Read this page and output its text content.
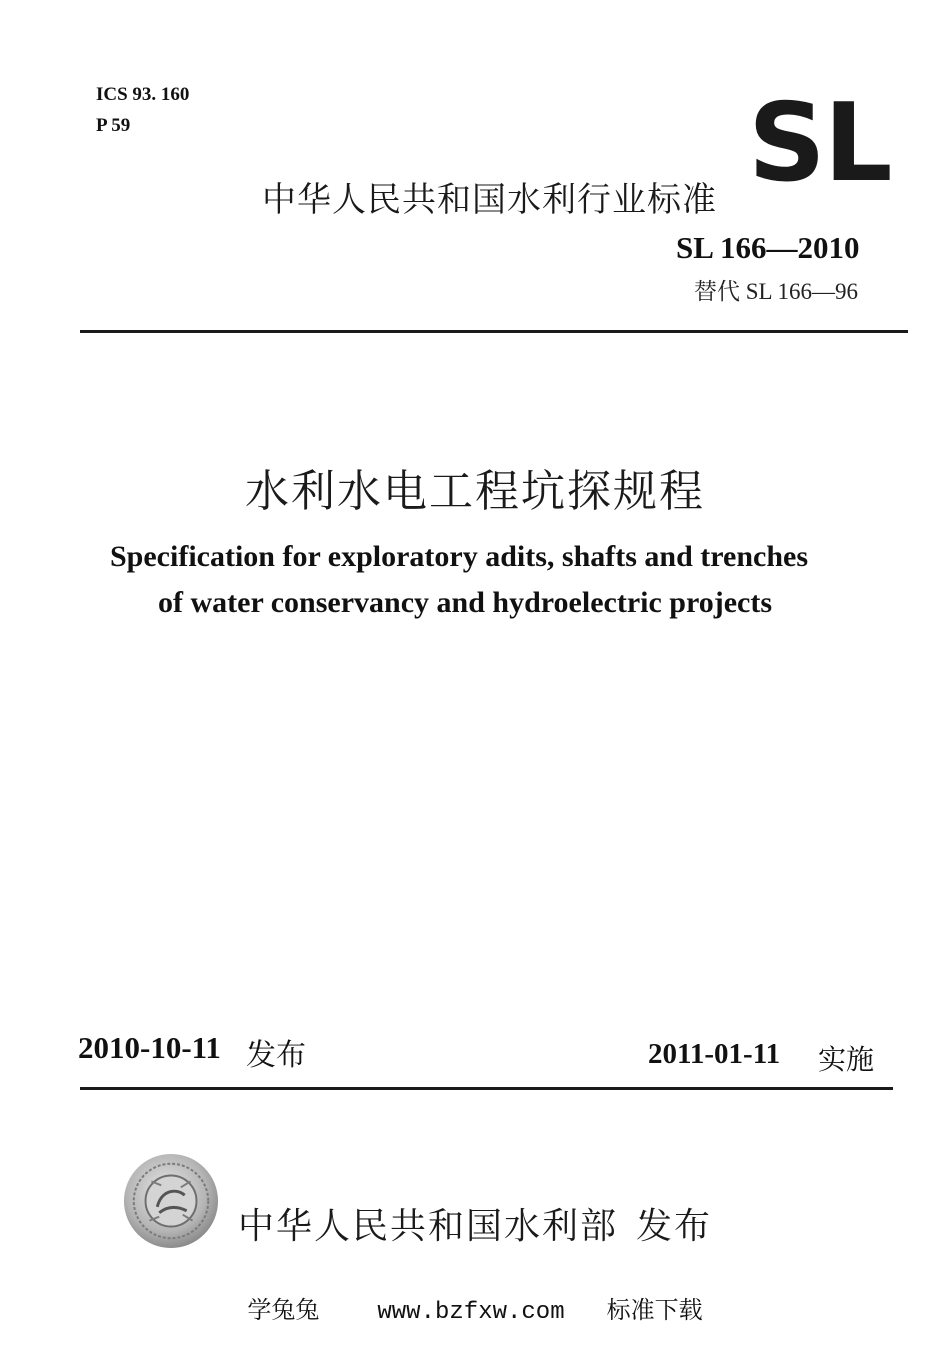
ICS 93. 160
P 59	SL
中华人民共和国水利行业标准
SL 166—2010
替代 SL 166—96
水利水电工程坑探规程
Specification for exploratory adits, shafts and trenches
of water conservancy and hydroelectric projects
2010-10-11 发布	2011-01-11 实施
中华人民共和国水利部 发布
学兔兔 www.bzfxw.com 标准下载
